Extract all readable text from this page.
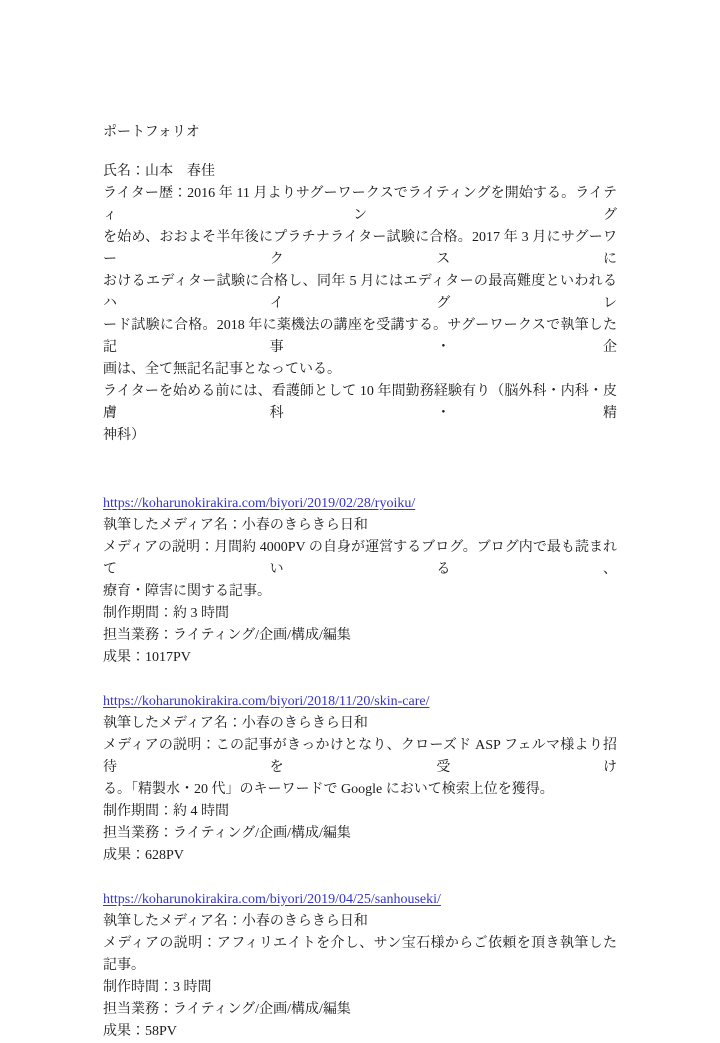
ポートフォリオ
氏名：山本　春佳
ライター歴：2016 年 11 月よりサグーワークスでライティングを開始する。ライティング
を始め、おおよそ半年後にプラチナライター試験に合格。2017 年 3 月にサグーワークスに
おけるエディター試験に合格し、同年 5 月にはエディターの最高難度といわれるハイグレ
ード試験に合格。2018 年に薬機法の講座を受講する。サグーワークスで執筆した記事・企
画は、全て無記名記事となっている。
ライターを始める前には、看護師として 10 年間勤務経験有り（脳外科・内科・皮膚科・精
神科）
https://koharunokirakira.com/biyori/2019/02/28/ryoiku/
執筆したメディア名：小春のきらきら日和
メディアの説明：月間約 4000PV の自身が運営するブログ。ブログ内で最も読まれている、
療育・障害に関する記事。
制作期間：約 3 時間
担当業務：ライティング/企画/構成/編集
成果：1017PV
https://koharunokirakira.com/biyori/2018/11/20/skin-care/
執筆したメディア名：小春のきらきら日和
メディアの説明：この記事がきっかけとなり、クローズド ASP フェルマ様より招待を受け
る。「精製水・20 代」のキーワードで Google において検索上位を獲得。
制作期間：約 4 時間
担当業務：ライティング/企画/構成/編集
成果：628PV
https://koharunokirakira.com/biyori/2019/04/25/sanhouseki/
執筆したメディア名：小春のきらきら日和
メディアの説明：アフィリエイトを介し、サン宝石様からご依頼を頂き執筆した記事。
制作時間：3 時間
担当業務：ライティング/企画/構成/編集
成果：58PV
